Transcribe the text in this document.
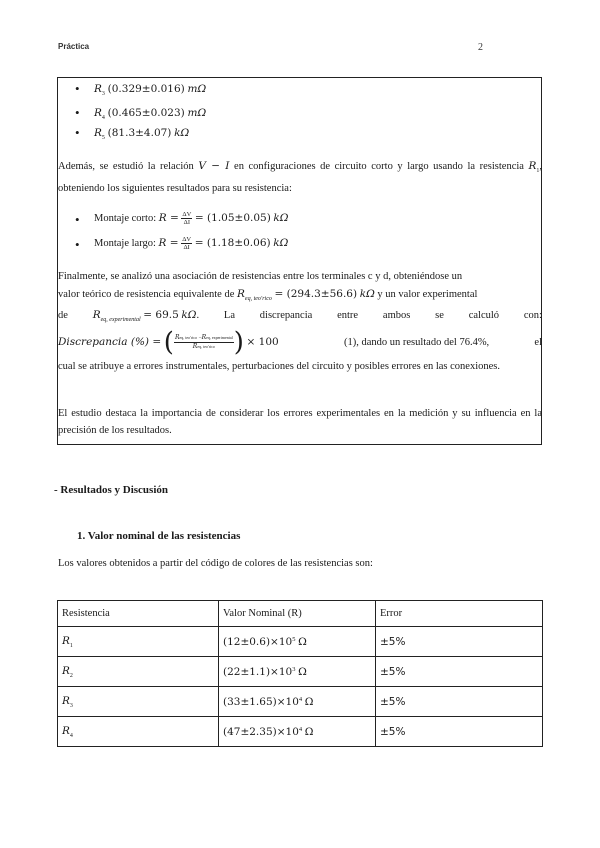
Práctica	2
• $R_3$ (0.329±0.016) mΩ
• $R_4$ (0.465±0.023) mΩ
• $R_5$ (81.3±4.07) kΩ
Además, se estudió la relación V − I en configuraciones de circuito corto y largo usando la resistencia $R_1$, obteniendo los siguientes resultados para su resistencia:
• Montaje corto: $R = \frac{\Delta V}{\Delta I} = (1.05\pm 0.05)$ kΩ
• Montaje largo: $R = \frac{\Delta V}{\Delta I} = (1.18\pm 0.06)$ kΩ
Finalmente, se analizó una asociación de resistencias entre los terminales c y d, obteniéndose un
valor teórico de resistencia equivalente de $R_{eq, teo'rico} = (294.3\pm 56.6)$ kΩ y un valor experimental
de $R_{eq, experimental} = 69.5$ kΩ. La discrepancia entre ambos se calculó con:
Discrepancia (%) = ( $\frac{\text{Req, teo'rico −Req, experimental}}{\text{Req, teo'rico}}$ ) × 100	(1), dando un resultado del 76.4%,	el
cual se atribuye a errores instrumentales, perturbaciones del circuito y posibles errores en las conexiones.
El estudio destaca la importancia de considerar los errores experimentales en la medición y su influencia en la precisión de los resultados.
- Resultados y Discusión
1. Valor nominal de las resistencias
Los valores obtenidos a partir del código de colores de las resistencias son:
Resistencia	Valor Nominal (R)	Error
$R_1$	$(12\pm 0.6)\times 10^5$ Ω	±5%
$R_2$	$(22\pm 1.1)\times 10^3$ Ω	±5%
$R_3$	$(33\pm 1.65)\times 10^4$ Ω	±5%
$R_4$	$(47\pm 2.35)\times 10^4$ Ω	±5%
